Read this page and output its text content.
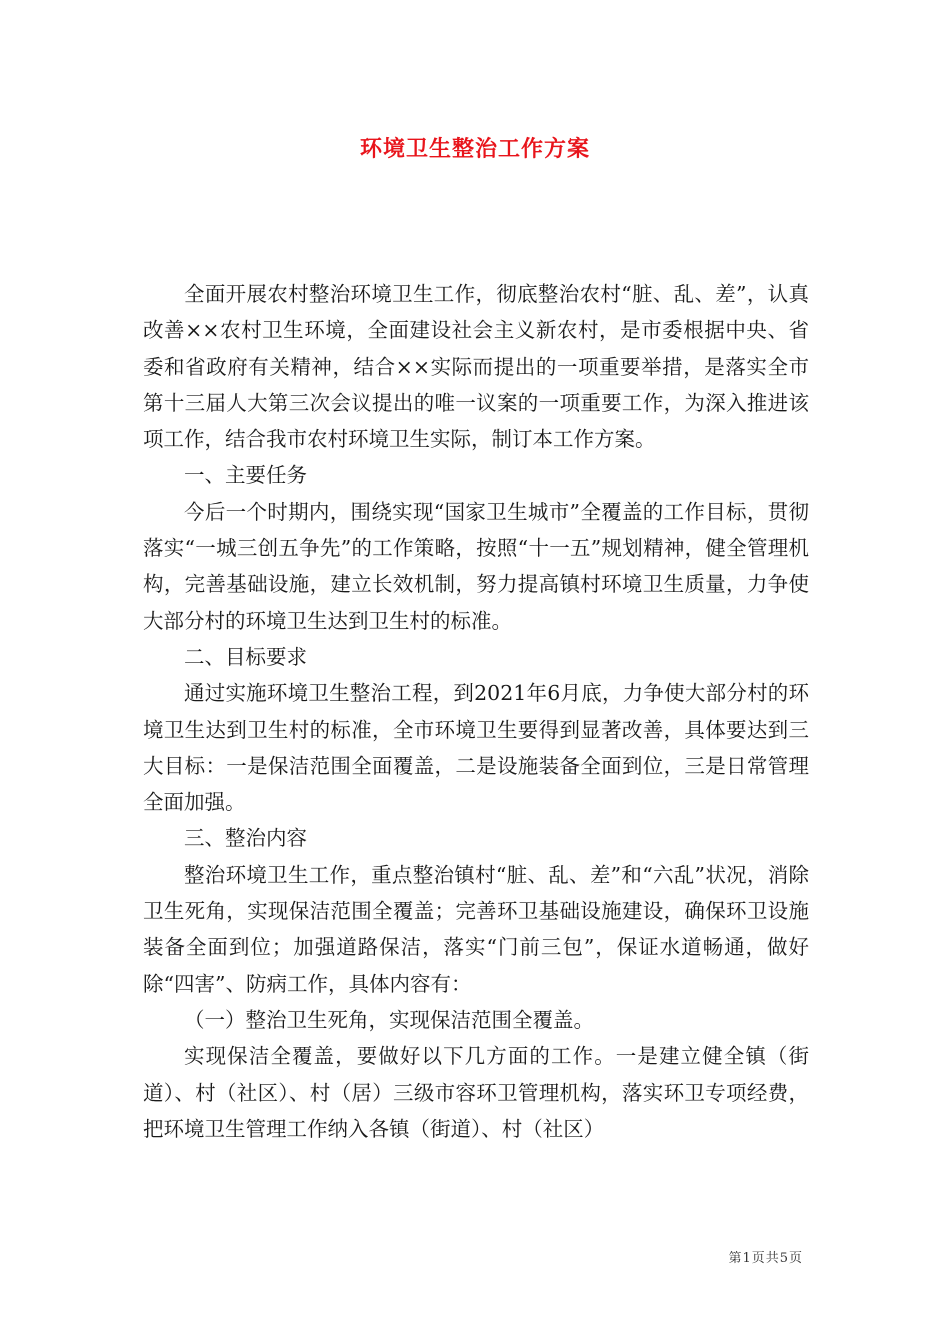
环境卫生整治工作方案

全面开展农村整治环境卫生工作，彻底整治农村“脏、乱、差”，认真改善××农村卫生环境，全面建设社会主义新农村，是市委根据中央、省委和省政府有关精神，结合××实际而提出的一项重要举措，是落实全市第十三届人大第三次会议提出的唯一议案的一项重要工作，为深入推进该项工作，结合我市农村环境卫生实际，制订本工作方案。

一、主要任务

今后一个时期内，围绕实现“国家卫生城市”全覆盖的工作目标，贯彻落实“一城三创五争先”的工作策略，按照“十一五”规划精神，健全管理机构，完善基础设施，建立长效机制，努力提高镇村环境卫生质量，力争使大部分村的环境卫生达到卫生村的标准。

二、目标要求

通过实施环境卫生整治工程，到2021年6月底，力争使大部分村的环境卫生达到卫生村的标准，全市环境卫生要得到显著改善，具体要达到三大目标：一是保洁范围全面覆盖，二是设施装备全面到位，三是日常管理全面加强。

三、整治内容

整治环境卫生工作，重点整治镇村“脏、乱、差”和“六乱”状况，消除卫生死角，实现保洁范围全覆盖；完善环卫基础设施建设，确保环卫设施装备全面到位；加强道路保洁，落实“门前三包”，保证水道畅通，做好除“四害”、防病工作，具体内容有：

（一）整治卫生死角，实现保洁范围全覆盖。

实现保洁全覆盖，要做好以下几方面的工作。一是建立健全镇（街道）、村（社区）、村（居）三级市容环卫管理机构，落实环卫专项经费，把环境卫生管理工作纳入各镇（街道）、村（社区）

第1页共5页
